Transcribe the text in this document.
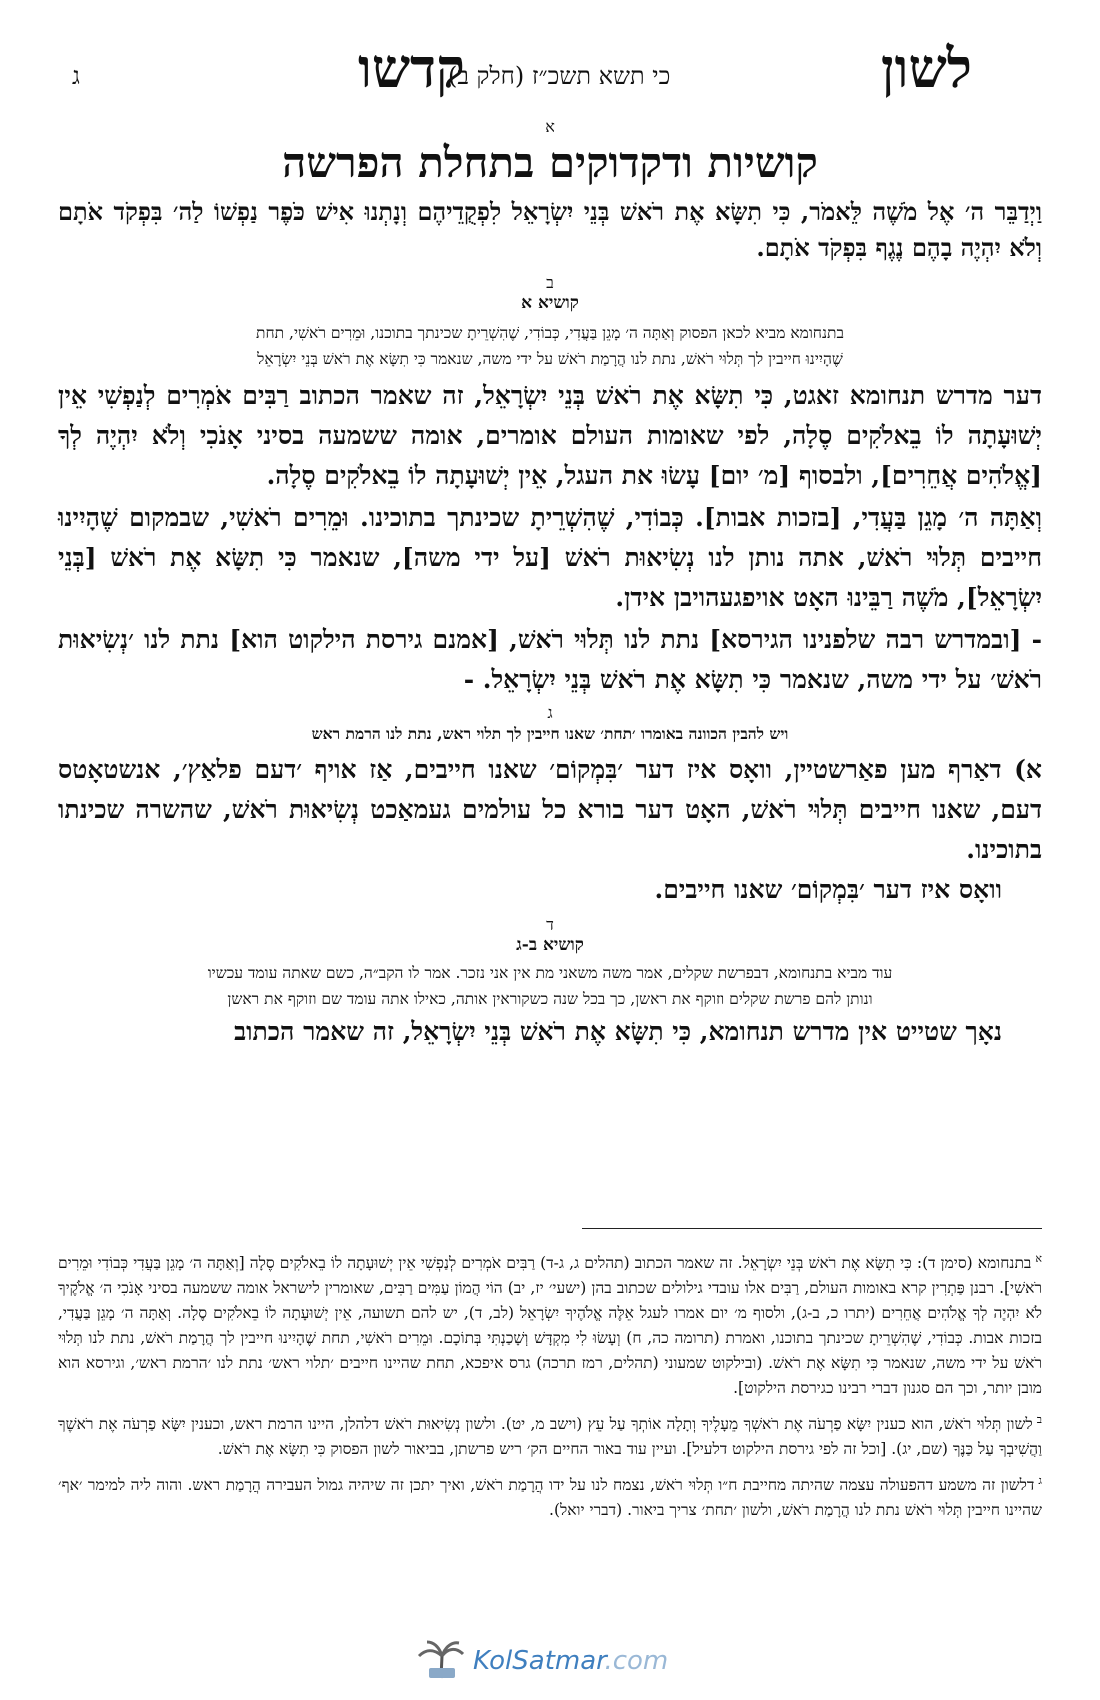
לשון
כי תשא תשכ״ז (חלק ב)
קדשו
ג
א
קושיות ודקדוקים בתחלת הפרשה

וַיְדַבֵּר ה׳ אֶל מֹשֶׁה לֵּאמֹר, כִּי תִשָּׂא אֶת רֹאשׁ בְּנֵי יִשְׂרָאֵל לִפְקֻדֵיהֶם וְנָתְנוּ אִישׁ כֹּפֶר נַפְשׁוֹ לַה׳ בִּפְקֹד אֹתָם וְלֹא יִהְיֶה בָהֶם נֶגֶף בִּפְקֹד אֹתָם.

ב
קושיא א
בתנחומא מביא לכאן הפסוק וְאַתָּה ה׳ מָגֵן בַּעֲדִי, כְּבוֹדִי, שֶׁהִשְׁרֵיתָ שכינתך בתוכנו, וּמֵרִים רֹאשִׁי, תחת
שֶׁהָיִינוּ חייבין לך תְּלוּי רֹאשׁ, נתת לנו הֲרָמַת רֹאשׁ על ידי משה, שנאמר כִּי תִשָּׂא אֶת רֹאשׁ בְּנֵי יִשְׂרָאֵל

דער מדרש תנחומא זאגט, כִּי תִשָּׂא אֶת רֹאשׁ בְּנֵי יִשְׂרָאֵל, זה שאמר הכתוב רַבִּים אֹמְרִים לְנַפְשִׁי אֵין יְשׁוּעָתָה לוֹ בֵאלֹקִים סֶלָה, לפי שאומות העולם אומרים, אומה ששמעה בסיני אָנֹכִי וְלֹא יִהְיֶה לְךָ [אֱלֹהִים אֲחֵרִים], ולבסוף [מ׳ יום] עָשׂוּ את העגל, אֵין יְשׁוּעָתָה לוֹ בֵאלֹקִים סֶלָה.

וְאַתָּה ה׳ מָגֵן בַּעֲדִי, [בזכות אבות]. כְּבוֹדִי, שֶׁהִשְׁרֵיתָ שכינתך בתוכינו. וּמֵרִים רֹאשִׁי, שבמקום שֶׁהָיִינוּ חייבים תְּלוּי רֹאשׁ, אתה נותן לנו נְשִׂיאוּת רֹאשׁ [על ידי משה], שנאמר כִּי תִשָּׂא אֶת רֹאשׁ [בְּנֵי יִשְׂרָאֵל], מֹשֶׁה רַבֵּינוּ האָט אויפגעהויבן אידן.

- [ובמדרש רבה שלפנינו הגירסא] נתת לנו תְּלוּי רֹאשׁ, [אמנם גירסת הילקוט הוא] נתת לנו ׳נְשִׂיאוּת רֹאשׁ׳ על ידי משה, שנאמר כִּי תִשָּׂא אֶת רֹאשׁ בְּנֵי יִשְׂרָאֵל. -

ג
ויש להבין הכוונה באומרו ׳תחת׳ שאנו חייבין לך תלוי ראש, נתת לנו הרמת ראש

א) דאַרף מען פאַרשטיין, וואָס איז דער ׳בִּמְקוֹם׳ שאנו חייבים, אַז אויף ׳דעם פלאַץ׳, אנשטאָטס דעם, שאנו חייבים תְּלוּי רֹאשׁ, האָט דער בורא כל עולמים געמאַכט נְשִׂיאוּת רֹאשׁ, שהשרה שכינתו בתוכינו.

וואָס איז דער ׳בִּמְקוֹם׳ שאנו חייבים.

ד
קושיא ב-ג
עוד מביא בתנחומא, דבפרשת שקלים, אמר משה משאני מת אין אני נזכר. אמר לו הקב״ה, כשם שאתה עומד עכשיו
ונותן להם פרשת שקלים וזוקף את ראשן, כך בכל שנה כשקוראין אותה, כאילו אתה עומד שם וזוקף את ראשן

נאָך שטייט אין מדרש תנחומא, כִּי תִשָּׂא אֶת רֹאשׁ בְּנֵי יִשְׂרָאֵל, זה שאמר הכתוב

$^א$בתנחומא (סימן ד): כִּי תִשָּׂא אֶת רֹאשׁ בְּנֵי יִשְׂרָאֵל. זה שאמר הכתוב (תהלים ג, ג-ד) רַבִּים אֹמְרִים לְנַפְשִׁי אֵין יְשׁוּעָתָה לוֹ בֵאלֹקִים סֶלָה [וְאַתָּה ה׳ מָגֵן בַּעֲדִי כְּבוֹדִי וּמֵרִים רֹאשִׁי]. רבנן פַּתְרִין קרא באומות העולם, רַבִּים אלו עובדי גילולים שכתוב בהן (ישעי׳ יז, יב) הוֹי הֲמוֹן עַמִּים רַבִּים, שאומרין לישראל אומה ששמעה בסיני אָנֹכִי ה׳ אֱלֹקֶיךָ לֹא יִהְיֶה לְךָ אֱלֹהִים אֲחֵרִים (יתרו כ, ב-ג), ולסוף מ׳ יום אמרו לעגל אֵלֶּה אֱלֹהֶיךָ יִשְׂרָאֵל (לב, ד), יש להם תשועה, אֵין יְשׁוּעָתָה לוֹ בֵאלֹקִים סֶלָה. וְאַתָּה ה׳ מָגֵן בַּעֲדִי, בזכות אבות. כְּבוֹדִי, שֶׁהִשְׁרֵיתָ שכינתך בתוכנו, ואמרת (תרומה כה, ח) וְעָשׂוּ לִי מִקְדָּשׁ וְשָׁכַנְתִּי בְּתוֹכָם. וּמֵרִים רֹאשִׁי, תחת שֶׁהָיִינוּ חייבין לך הֲרָמַת רֹאשׁ, נתת לנו תְּלוּי רֹאשׁ על ידי משה, שנאמר כִּי תִשָּׂא אֶת רֹאשׁ. (ובילקוט שמעוני (תהלים, רמז תרכה) גרס איפכא, תחת שהיינו חייבים ׳תלוי ראש׳ נתת לנו ׳הרמת ראש׳, וגירסא הוא מובן יותר, וכך הם סגנון דברי רבינו כגירסת הילקוט].

$^ב$לשון תְּלוּי רֹאשׁ, הוא כענין יִשָּׂא פַרְעֹה אֶת רֹאשְׁךָ מֵעָלֶיךָ וְתָלָה אוֹתְךָ עַל עֵץ (וישב מ, יט). ולשון נְשִׂיאוּת רֹאשׁ דלהלן, היינו הרמת ראש, וכענין יִשָּׂא פַרְעֹה אֶת רֹאשֶׁךָ וַהֲשִׁיבְךָ עַל כַּנֶּךָ (שם, יג). [וכל זה לפי גירסת הילקוט דלעיל]. ועיין עוד באור החיים הק׳ ריש פרשתן, בביאור לשון הפסוק כִּי תִשָּׂא אֶת רֹאשׁ.

$^ג$דלשון זה משמע דהפעולה עצמה שהיתה מחייבת ח״ו תְּלוּי רֹאשׁ, נצמח לנו על ידו הֲרָמַת רֹאשׁ, ואיך יתכן זה שיהיה גמול העבירה הֲרָמַת ראש. והוה ליה למימר ׳אף׳ שהיינו חייבין תְּלוּי רֹאשׁ נתת לנו הֲרָמַת רֹאשׁ, ולשון ׳תחת׳ צריך ביאור. (דברי יואל).

KolSatmar.com
